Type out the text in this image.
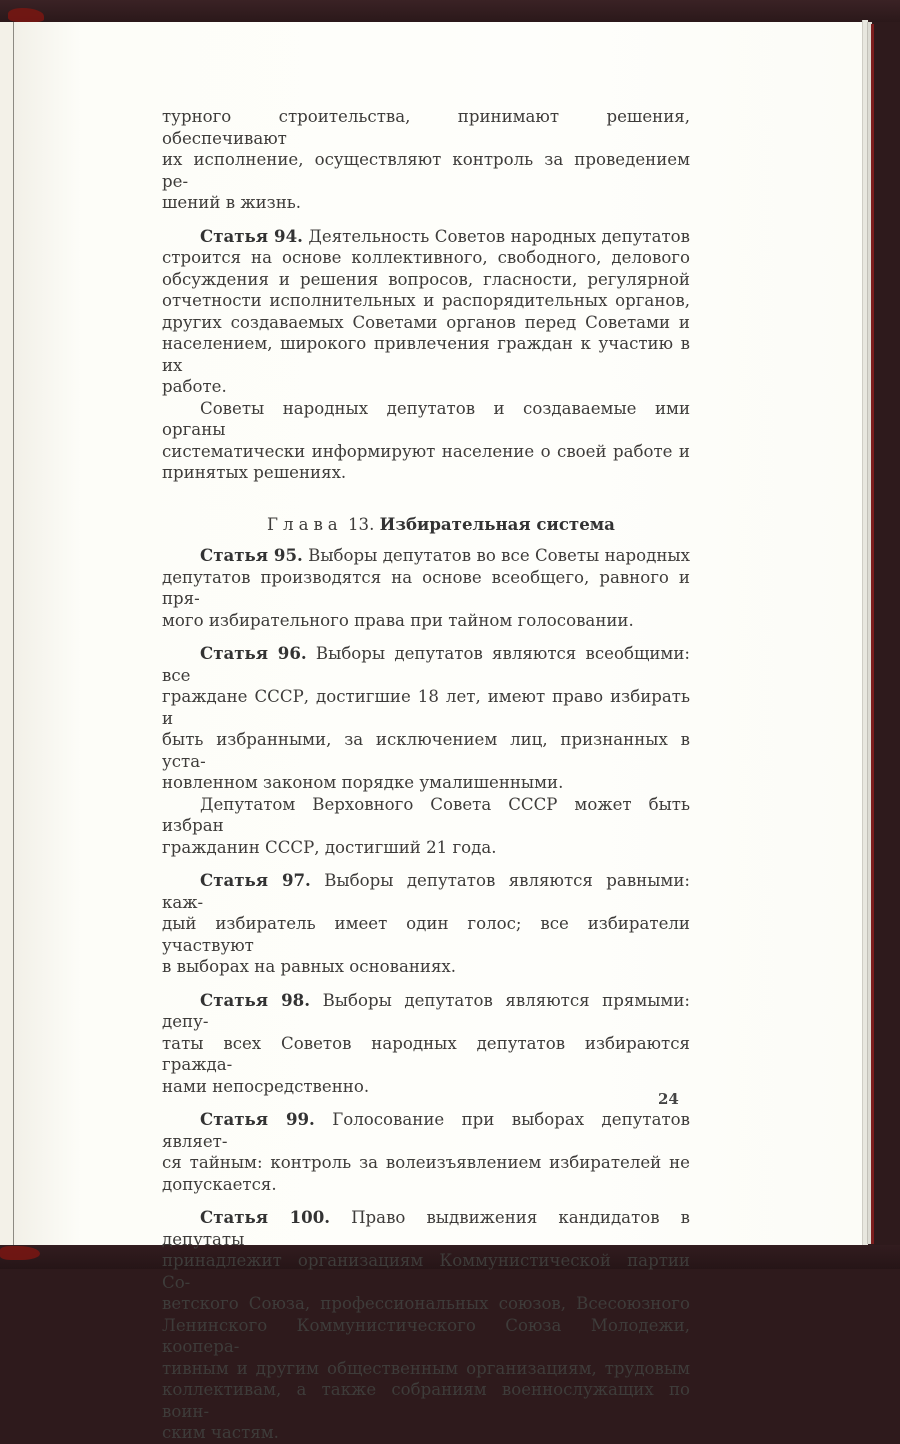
турного строительства, принимают решения, обеспечивают
их исполнение, осуществляют контроль за проведением ре-
шений в жизнь.

Статья 94. Деятельность Советов народных депутатов
строится на основе коллективного, свободного, делового
обсуждения и решения вопросов, гласности, регулярной
отчетности исполнительных и распорядительных органов,
других создаваемых Советами органов перед Советами и
населением, широкого привлечения граждан к участию в их
работе.

Советы народных депутатов и создаваемые ими органы
систематически информируют население о своей работе и
принятых решениях.

Глава 13. Избирательная система

Статья 95. Выборы депутатов во все Советы народных
депутатов производятся на основе всеобщего, равного и пря-
мого избирательного права при тайном голосовании.

Статья 96. Выборы депутатов являются всеобщими: все
граждане СССР, достигшие 18 лет, имеют право избирать и
быть избранными, за исключением лиц, признанных в уста-
новленном законом порядке умалишенными.

Депутатом Верховного Совета СССР может быть избран
гражданин СССР, достигший 21 года.

Статья 97. Выборы депутатов являются равными: каж-
дый избиратель имеет один голос; все избиратели участвуют
в выборах на равных основаниях.

Статья 98. Выборы депутатов являются прямыми: депу-
таты всех Советов народных депутатов избираются гражда-
нами непосредственно.

Статья 99. Голосование при выборах депутатов являет-
ся тайным: контроль за волеизъявлением избирателей не
допускается.

Статья 100. Право выдвижения кандидатов в депутаты
принадлежит организациям Коммунистической партии Со-
ветского Союза, профессиональных союзов, Всесоюзного
Ленинского Коммунистического Союза Молодежи, коопера-
тивным и другим общественным организациям, трудовым
коллективам, а также собраниям военнослужащих по воин-
ским частям.

24
